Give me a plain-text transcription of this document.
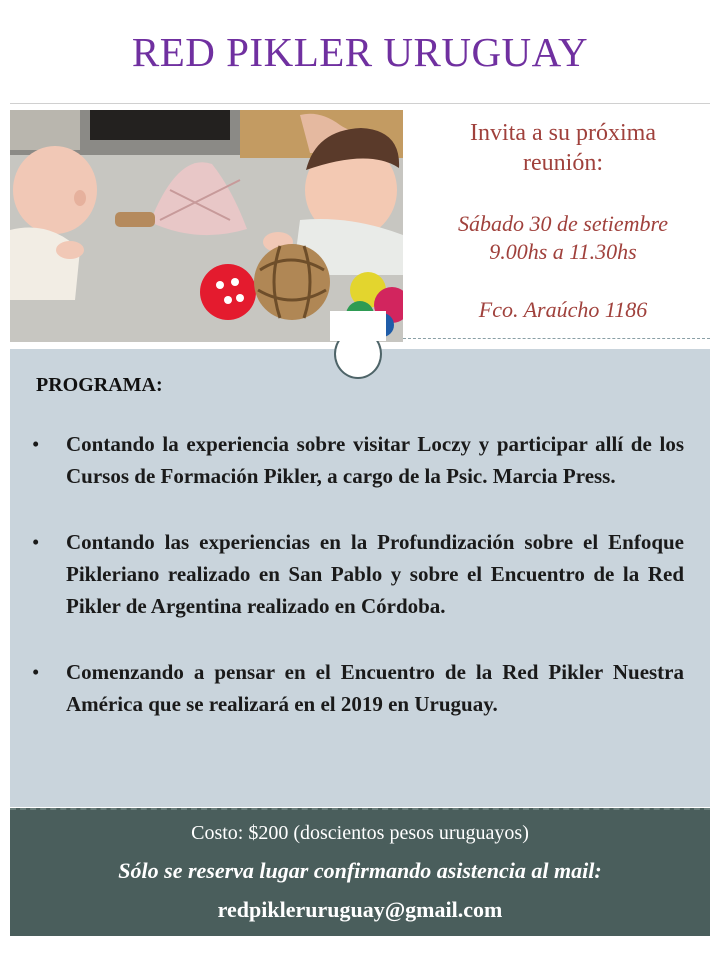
RED PIKLER URUGUAY
Invita a su próxima
reunión:
Sábado 30 de setiembre
9.00hs a 11.30hs
Fco. Araúcho 1186
PROGRAMA:
• Contando la experiencia sobre visitar Loczy y participar allí de los Cursos de Formación Pikler, a cargo de la Psic. Marcia Press.
• Contando las experiencias en la Profundización sobre el Enfoque Pikleriano realizado en San Pablo y sobre el Encuentro de la Red Pikler de Argentina realizado en Córdoba.
• Comenzando a pensar en el Encuentro de la Red Pikler Nuestra América que se realizará en el 2019 en Uruguay.
Costo: $200 (doscientos pesos uruguayos)
Sólo se reserva lugar confirmando asistencia al mail:
redpikleruruguay@gmail.com
